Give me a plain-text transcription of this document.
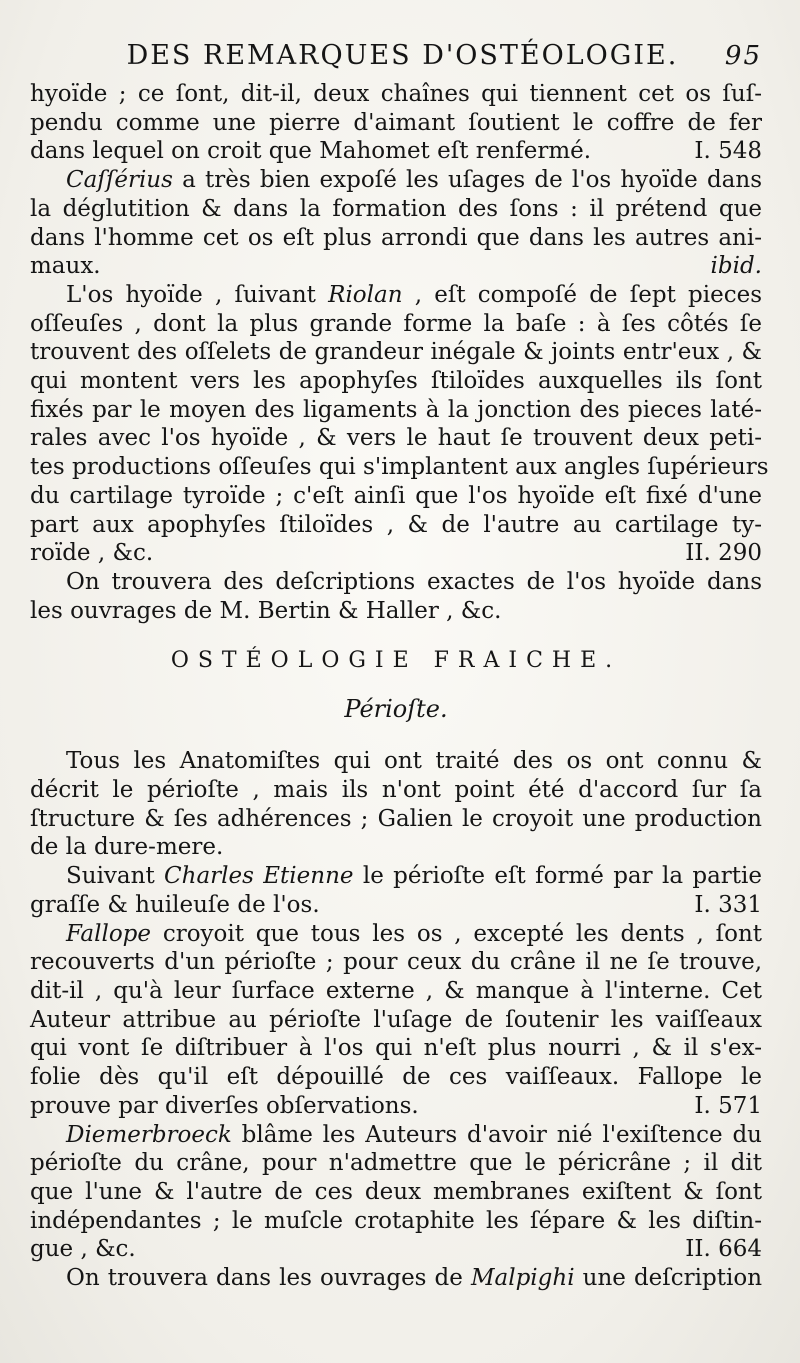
DES REMARQUES D'OSTÉOLOGIE.	95
hyoïde ; ce ſont, dit-il, deux chaînes qui tiennent cet os ſuſ-
pendu comme une pierre d'aimant ſoutient le coffre de fer
dans lequel on croit que Mahomet eſt renfermé.	I. 548
Caſſérius a très bien expoſé les uſages de l'os hyoïde dans
la déglutition & dans la formation des ſons : il prétend que
dans l'homme cet os eſt plus arrondi que dans les autres ani-
maux.	ibid.
L'os hyoïde , ſuivant Riolan , eſt compoſé de ſept pieces
oſſeuſes , dont la plus grande forme la baſe : à ſes côtés ſe
trouvent des oſſelets de grandeur inégale & joints entr'eux , &
qui montent vers les apophyſes ſtiloïdes auxquelles ils ſont
fixés par le moyen des ligaments à la jonction des pieces laté-
rales avec l'os hyoïde , & vers le haut ſe trouvent deux peti-
tes productions oſſeuſes qui s'implantent aux angles ſupérieurs
du cartilage tyroïde ; c'eſt ainſi que l'os hyoïde eſt fixé d'une
part aux apophyſes ſtiloïdes , & de l'autre au cartilage ty-
roïde , &c.	II. 290
On trouvera des deſcriptions exactes de l'os hyoïde dans
les ouvrages de M. Bertin & Haller , &c.
OSTÉOLOGIE FRAICHE.
Périoſte.
Tous les Anatomiſtes qui ont traité des os ont connu &
décrit le périoſte , mais ils n'ont point été d'accord ſur ſa
ſtructure & ſes adhérences ; Galien le croyoit une production
de la dure-mere.
Suivant Charles Etienne le périoſte eſt formé par la partie
graſſe & huileuſe de l'os.	I. 331
Fallope croyoit que tous les os , excepté les dents , ſont
recouverts d'un périoſte ; pour ceux du crâne il ne ſe trouve,
dit-il , qu'à leur ſurface externe , & manque à l'interne. Cet
Auteur attribue au périoſte l'uſage de ſoutenir les vaiſſeaux
qui vont ſe diſtribuer à l'os qui n'eſt plus nourri , & il s'ex-
folie dès qu'il eſt dépouillé de ces vaiſſeaux. Fallope le
prouve par diverſes obſervations.	I. 571
Diemerbroeck blâme les Auteurs d'avoir nié l'exiſtence du
périoſte du crâne, pour n'admettre que le péricrâne ; il dit
que l'une & l'autre de ces deux membranes exiſtent & ſont
indépendantes ; le muſcle crotaphite les ſépare & les diſtin-
gue , &c.	II. 664
On trouvera dans les ouvrages de Malpighi une deſcription
